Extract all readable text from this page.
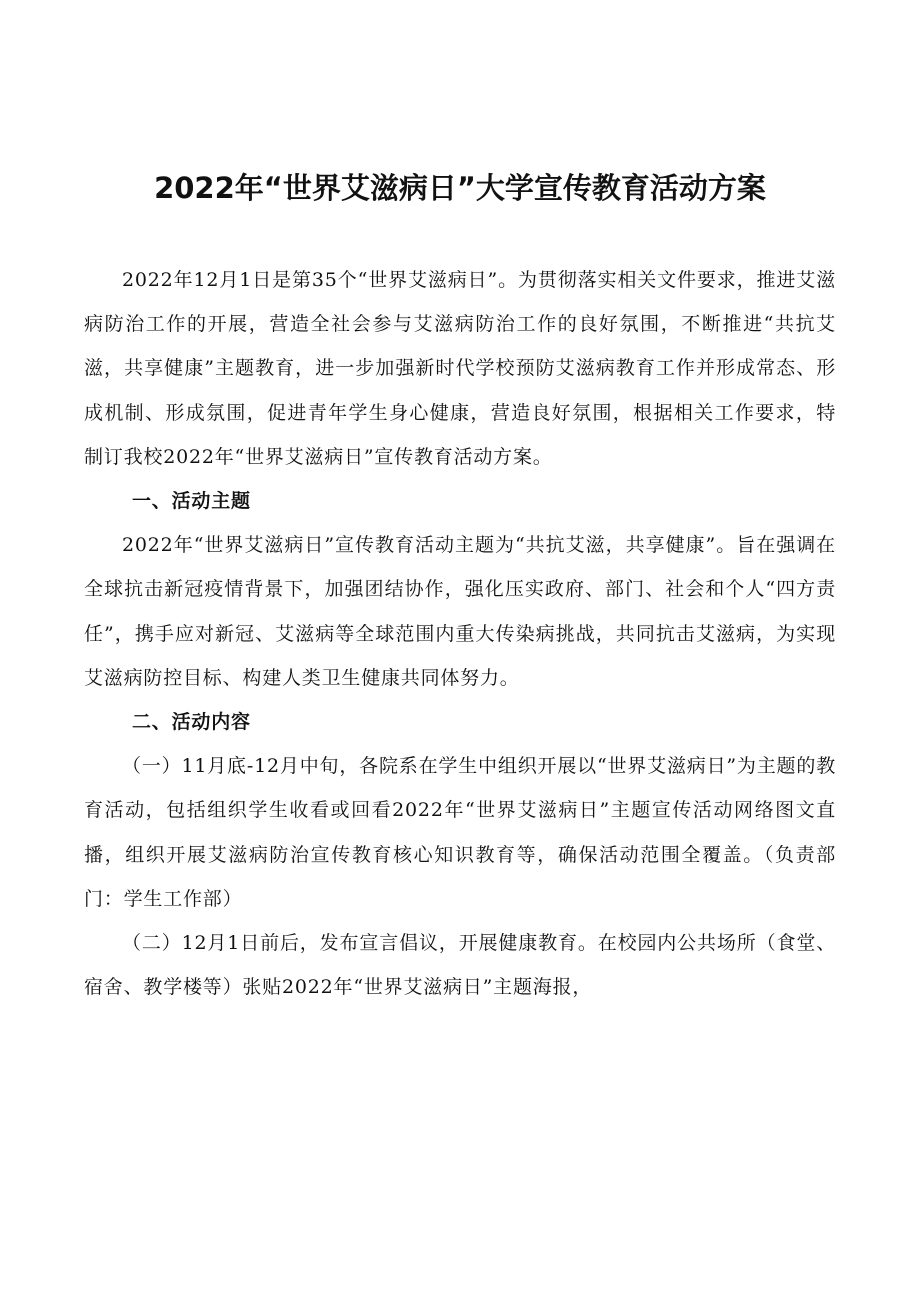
2022年“世界艾滋病日”大学宣传教育活动方案

2022年12月1日是第35个“世界艾滋病日”。为贯彻落实相关文件要求，推进艾滋病防治工作的开展，营造全社会参与艾滋病防治工作的良好氛围，不断推进“共抗艾滋，共享健康”主题教育，进一步加强新时代学校预防艾滋病教育工作并形成常态、形成机制、形成氛围，促进青年学生身心健康，营造良好氛围，根据相关工作要求，特制订我校2022年“世界艾滋病日”宣传教育活动方案。

一、活动主题

2022年“世界艾滋病日”宣传教育活动主题为“共抗艾滋，共享健康”。旨在强调在全球抗击新冠疫情背景下，加强团结协作，强化压实政府、部门、社会和个人“四方责任”，携手应对新冠、艾滋病等全球范围内重大传染病挑战，共同抗击艾滋病，为实现艾滋病防控目标、构建人类卫生健康共同体努力。

二、活动内容

（一）11月底-12月中旬，各院系在学生中组织开展以“世界艾滋病日”为主题的教育活动，包括组织学生收看或回看2022年“世界艾滋病日”主题宣传活动网络图文直播，组织开展艾滋病防治宣传教育核心知识教育等，确保活动范围全覆盖。（负责部门：学生工作部）

（二）12月1日前后，发布宣言倡议，开展健康教育。在校园内公共场所（食堂、宿舍、教学楼等）张贴2022年“世界艾滋病日”主题海报，
